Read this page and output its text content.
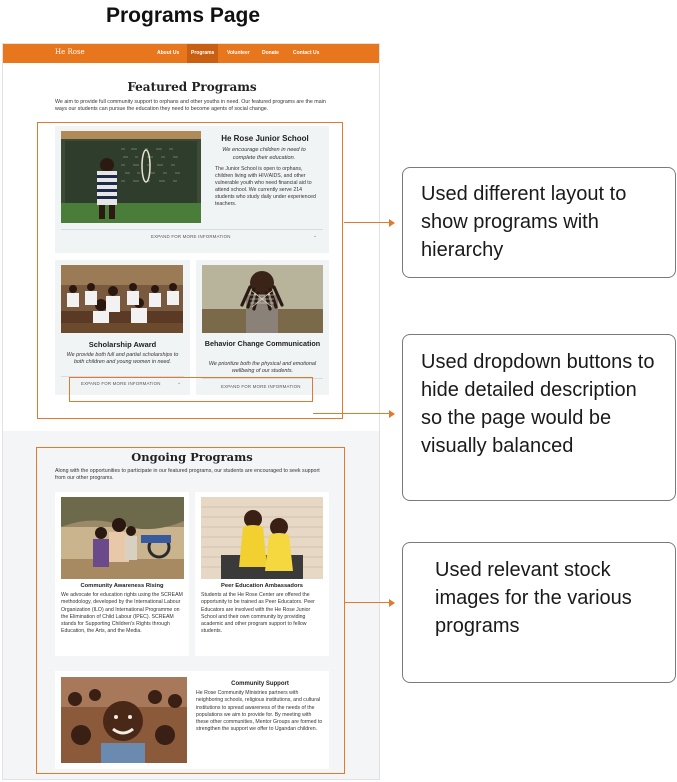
Programs Page
He Rose	About Us	Programs	Volunteer	Donate	Contact Us
Featured Programs
We aim to provide full community support to orphans and other youths in need. Our featured programs are the main ways our students can pursue the education they need to become agents of social change.
He Rose Junior School
We encourage children in need to complete their education.
The Junior School is open to orphans, children living with HIV/AIDS, and other vulnerable youth who need financial aid to attend school. We currently serve 214 students who study daily under experienced teachers.
EXPAND FOR MORE INFORMATION	⌄
Scholarship Award
We provide both full and partial scholarships to both children and young women in need.
EXPAND FOR MORE INFORMATION	⌄
Behavior Change Communication
We prioritize both the physical and emotional wellbeing of our students.
EXPAND FOR MORE INFORMATION
Ongoing Programs
Along with the opportunities to participate in our featured programs, our students are encouraged to seek support from our other programs.
Community Awareness Rising
We advocate for education rights using the SCREAM methodology, developed by the International Labour Organization (ILO) and International Programme on the Elimination of Child Labour (IPEC). SCREAM stands for Supporting Children's Rights through Education, the Arts, and the Media.
Peer Education Ambassadors
Students at the He Rose Center are offered the opportunity to be trained as Peer Educators. Peer Educators are involved with the He Rose Junior School and their own community by providing academic and other program support to fellow students.
Community Support
He Rose Community Ministries partners with neighboring schools, religious institutions, and cultural institutions to spread awareness of the needs of the populations we aim to provide for. By meeting with these other communities, Mentor Groups are formed to strengthen the support we offer to Ugandan children.
Used different layout to show programs with hierarchy
Used dropdown buttons to hide detailed description so the page would be visually balanced
Used relevant stock images for the various programs
